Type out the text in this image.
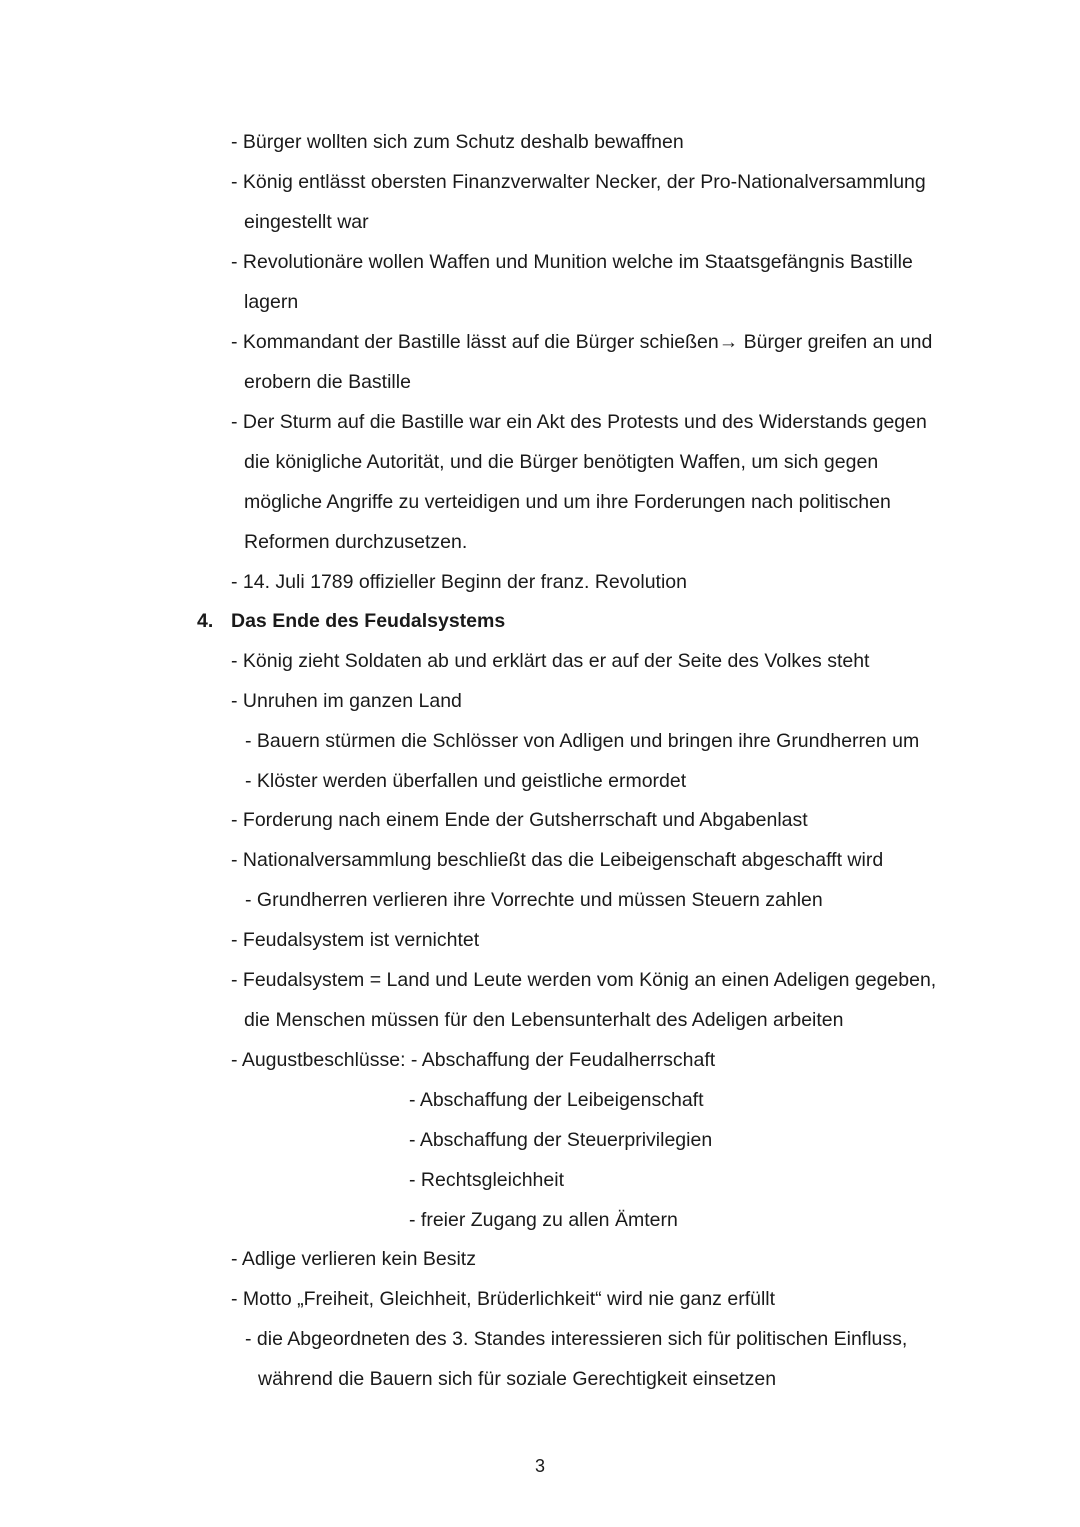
- Bürger wollten sich zum Schutz deshalb bewaffnen
- König entlässt obersten Finanzverwalter Necker, der Pro-Nationalversammlung
eingestellt war
- Revolutionäre wollen Waffen und Munition welche im Staatsgefängnis Bastille
lagern
- Kommandant der Bastille lässt auf die Bürger schießen→ Bürger greifen an und
erobern die Bastille
- Der Sturm auf die Bastille war ein Akt des Protests und des Widerstands gegen
die königliche Autorität, und die Bürger benötigten Waffen, um sich gegen
mögliche Angriffe zu verteidigen und um ihre Forderungen nach politischen
Reformen durchzusetzen.
- 14. Juli 1789 offizieller Beginn der franz. Revolution
4. Das Ende des Feudalsystems
- König zieht Soldaten ab und erklärt das er auf der Seite des Volkes steht
- Unruhen im ganzen Land
- Bauern stürmen die Schlösser von Adligen und bringen ihre Grundherren um
- Klöster werden überfallen und geistliche ermordet
- Forderung nach einem Ende der Gutsherrschaft und Abgabenlast
- Nationalversammlung beschließt das die Leibeigenschaft abgeschafft wird
- Grundherren verlieren ihre Vorrechte und müssen Steuern zahlen
- Feudalsystem ist vernichtet
- Feudalsystem = Land und Leute werden vom König an einen Adeligen gegeben,
die Menschen müssen für den Lebensunterhalt des Adeligen arbeiten
- Augustbeschlüsse: - Abschaffung der Feudalherrschaft
- Abschaffung der Leibeigenschaft
- Abschaffung der Steuerprivilegien
- Rechtsgleichheit
- freier Zugang zu allen Ämtern
- Adlige verlieren kein Besitz
- Motto „Freiheit, Gleichheit, Brüderlichkeit“ wird nie ganz erfüllt
- die Abgeordneten des 3. Standes interessieren sich für politischen Einfluss,
während die Bauern sich für soziale Gerechtigkeit einsetzen
3
